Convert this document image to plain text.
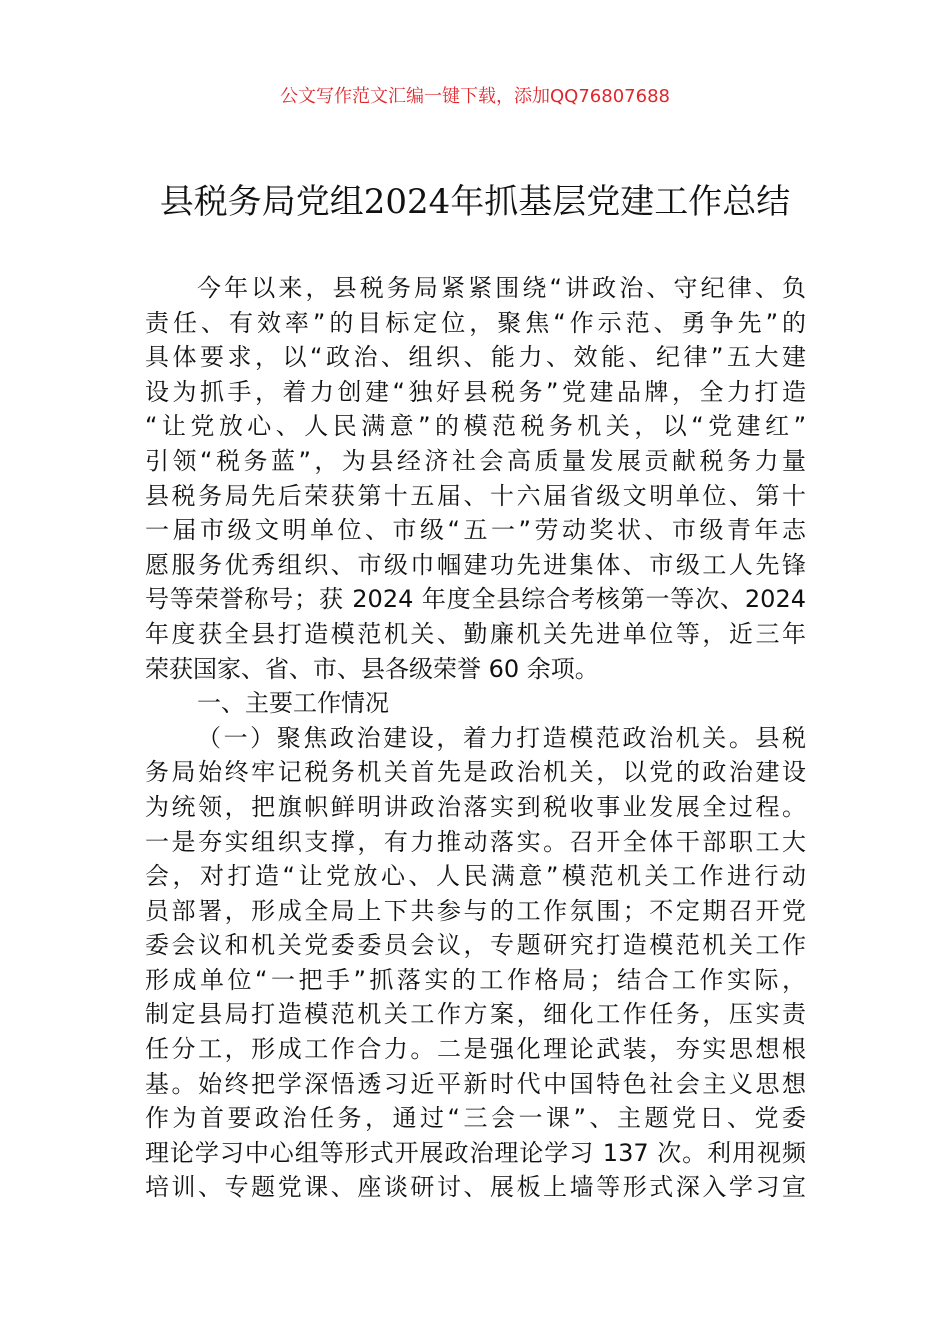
公文写作范文汇编一键下载，添加QQ76807688
县税务局党组2024年抓基层党建工作总结
今年以来，县税务局紧紧围绕“讲政治、守纪律、负
责任、有效率”的目标定位，聚焦“作示范、勇争先”的
具体要求，以“政治、组织、能力、效能、纪律”五大建
设为抓手，着力创建“独好县税务”党建品牌，全力打造
“让党放心、人民满意”的模范税务机关，以“党建红”
引领“税务蓝”，为县经济社会高质量发展贡献税务力量
县税务局先后荣获第十五届、十六届省级文明单位、第十
一届市级文明单位、市级“五一”劳动奖状、市级青年志
愿服务优秀组织、市级巾帼建功先进集体、市级工人先锋
号等荣誉称号；获 2024 年度全县综合考核第一等次、2024
年度获全县打造模范机关、勤廉机关先进单位等，近三年
荣获国家、省、市、县各级荣誉 60 余项。
一、主要工作情况
（一）聚焦政治建设，着力打造模范政治机关。县税
务局始终牢记税务机关首先是政治机关，以党的政治建设
为统领，把旗帜鲜明讲政治落实到税收事业发展全过程。
一是夯实组织支撑，有力推动落实。召开全体干部职工大
会，对打造“让党放心、人民满意”模范机关工作进行动
员部署，形成全局上下共参与的工作氛围；不定期召开党
委会议和机关党委委员会议，专题研究打造模范机关工作
形成单位“一把手”抓落实的工作格局；结合工作实际，
制定县局打造模范机关工作方案，细化工作任务，压实责
任分工，形成工作合力。二是强化理论武装，夯实思想根
基。始终把学深悟透习近平新时代中国特色社会主义思想
作为首要政治任务，通过“三会一课”、主题党日、党委
理论学习中心组等形式开展政治理论学习 137 次。利用视频
培训、专题党课、座谈研讨、展板上墙等形式深入学习宣
